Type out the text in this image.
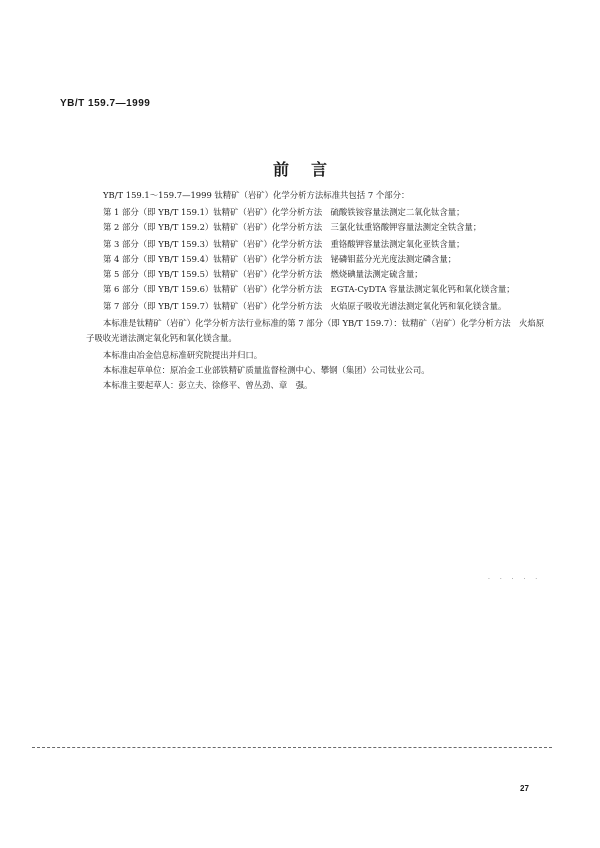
YB/T 159.7—1999
前言

YB/T 159.1～159.7—1999 钛精矿（岩矿）化学分析方法标准共包括 7 个部分：

第 1 部分（即 YB/T 159.1）钛精矿（岩矿）化学分析方法　硫酸铁铵容量法测定二氧化钛含量；

第 2 部分（即 YB/T 159.2）钛精矿（岩矿）化学分析方法　三氯化钛重铬酸钾容量法测定全铁含量；

第 3 部分（即 YB/T 159.3）钛精矿（岩矿）化学分析方法　重铬酸钾容量法测定氧化亚铁含量；

第 4 部分（即 YB/T 159.4）钛精矿（岩矿）化学分析方法　铋磷钼蓝分光光度法测定磷含量；

第 5 部分（即 YB/T 159.5）钛精矿（岩矿）化学分析方法　燃烧碘量法测定硫含量；

第 6 部分（即 YB/T 159.6）钛精矿（岩矿）化学分析方法　EGTA-CyDTA 容量法测定氧化钙和氧化镁含量；

第 7 部分（即 YB/T 159.7）钛精矿（岩矿）化学分析方法　火焰原子吸收光谱法测定氧化钙和氧化镁含量。

本标准是钛精矿（岩矿）化学分析方法行业标准的第 7 部分（即 YB/T 159.7）：钛精矿（岩矿）化学分析方法　火焰原子吸收光谱法测定氧化钙和氧化镁含量。

本标准由冶金信息标准研究院提出并归口。

本标准起草单位：原冶金工业部铁精矿质量监督检测中心、攀钢（集团）公司钛业公司。

本标准主要起草人：彭立夫、徐修平、曾丛劲、章　强。

· · · · ·
27
